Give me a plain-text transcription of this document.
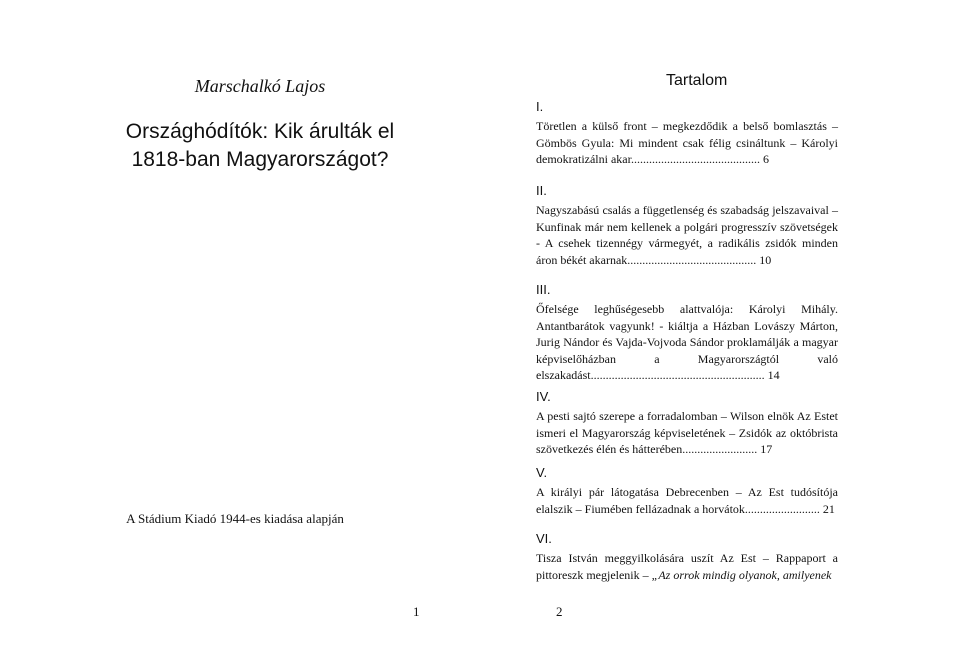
Marschalkó Lajos
Országhódítók: Kik árulták el
1818-ban Magyarországot?
A Stádium Kiadó 1944-es kiadása alapján
1
Tartalom
I.
Töretlen a külső front – megkezdődik a belső bomlasztás – Gömbös Gyula: Mi mindent csak félig csináltunk – Károlyi demokratizálni akar........................................... 6
II.
Nagyszabású csalás a függetlenség és szabadság jelszavaival – Kunfinak már nem kellenek a polgári progresszív szövetségek - A csehek tizennégy vármegyét, a radikális zsidók minden áron békét akarnak........................................... 10
III.
Őfelsége leghűségesebb alattvalója: Károlyi Mihály. Antantbarátok vagyunk! - kiáltja a Házban Lovászy Márton, Jurig Nándor és Vajda-Vojvoda Sándor proklamálják a magyar képviselőházban a Magyarországtól való elszakadást.......................................................... 14
IV.
A pesti sajtó szerepe a forradalomban – Wilson elnök Az Estet ismeri el Magyarország képviseletének – Zsidók az októbrista szövetkezés élén és hátterében......................... 17
V.
A királyi pár látogatása Debrecenben – Az Est tudósítója elalszik – Fiumében fellázadnak a horvátok......................... 21
VI.
Tisza István meggyilkolására uszít Az Est – Rappaport a pittoreszk megjelenik – „Az orrok mindig olyanok, amilyenek
2
